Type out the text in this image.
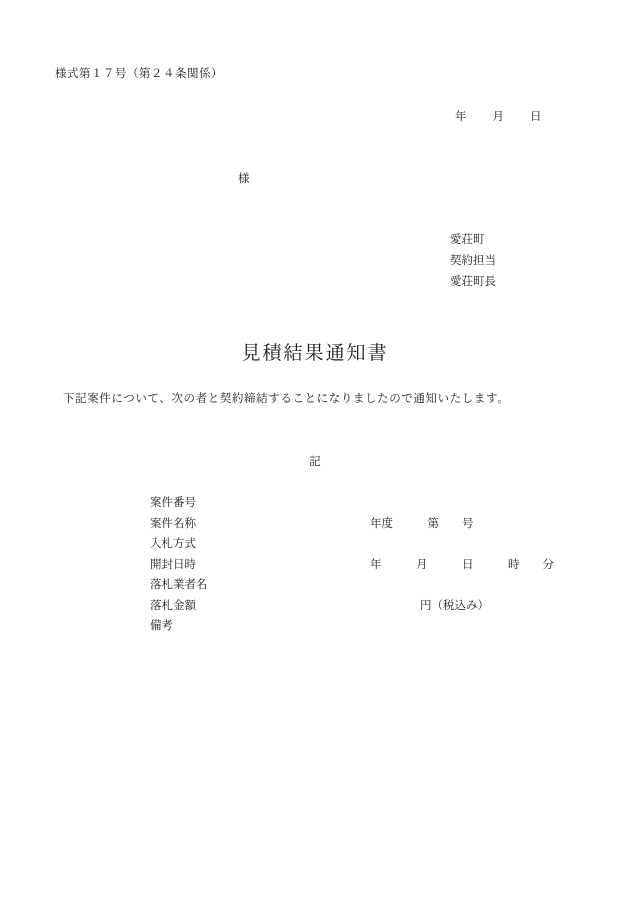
様式第１７号（第２４条関係）
年 月 日
様
愛荘町
契約担当
愛荘町長
見積結果通知書
下記案件について、次の者と契約締結することになりましたので通知いたします。
記
案件番号
案件名称	年度　　　第　　号
入札方式
開封日時	年　　　月　　　日　　　時　　分
落札業者名
落札金額	円（税込み）
備考
